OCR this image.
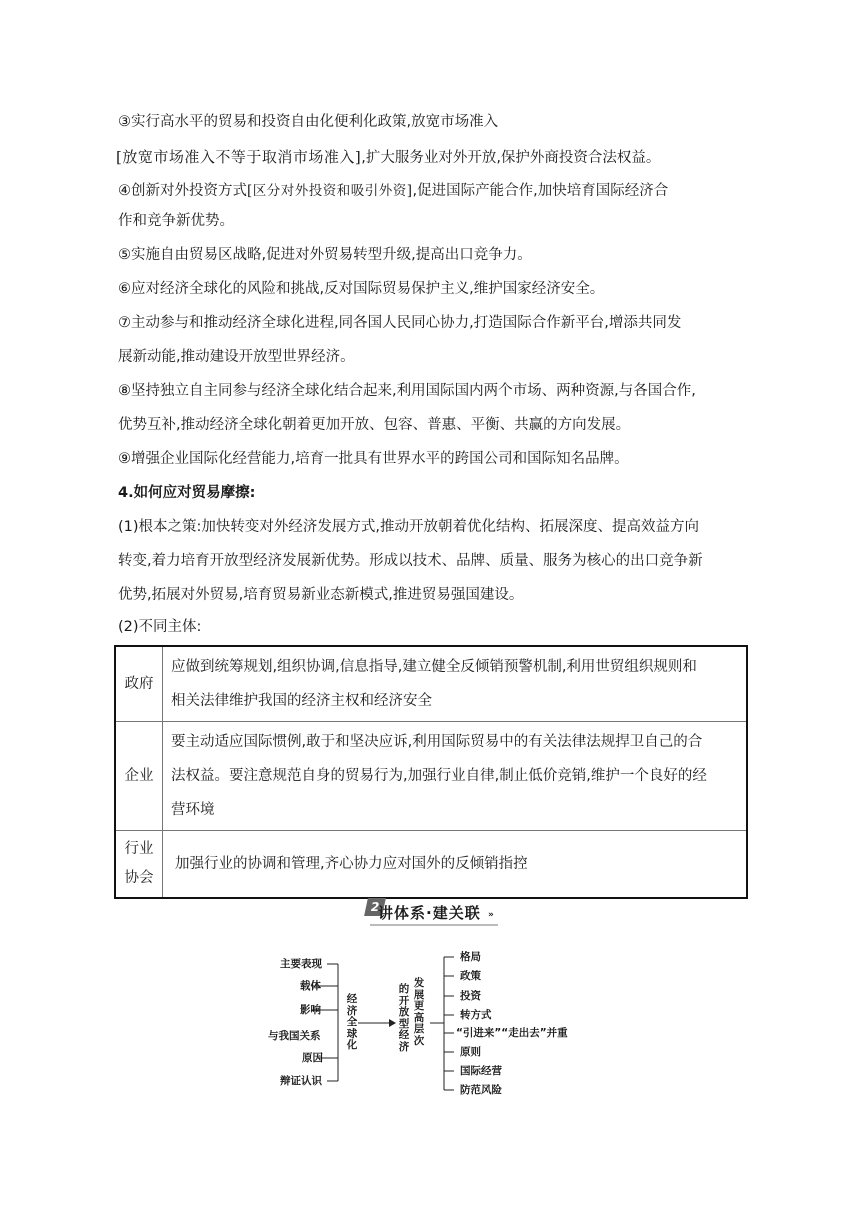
③实行高水平的贸易和投资自由化便利化政策,放宽市场准入
[放宽市场准入不等于取消市场准入],扩大服务业对外开放,保护外商投资合法权益。
④创新对外投资方式[区分对外投资和吸引外资],促进国际产能合作,加快培育国际经济合
作和竞争新优势。
⑤实施自由贸易区战略,促进对外贸易转型升级,提高出口竞争力。
⑥应对经济全球化的风险和挑战,反对国际贸易保护主义,维护国家经济安全。
⑦主动参与和推动经济全球化进程,同各国人民同心协力,打造国际合作新平台,增添共同发
展新动能,推动建设开放型世界经济。
⑧坚持独立自主同参与经济全球化结合起来,利用国际国内两个市场、两种资源,与各国合作,
优势互补,推动经济全球化朝着更加开放、包容、普惠、平衡、共赢的方向发展。
⑨增强企业国际化经营能力,培育一批具有世界水平的跨国公司和国际知名品牌。
4.如何应对贸易摩擦:
(1)根本之策:加快转变对外经济发展方式,推动开放朝着优化结构、拓展深度、提高效益方向
转变,着力培育开放型经济发展新优势。形成以技术、品牌、质量、服务为核心的出口竞争新
优势,拓展对外贸易,培育贸易新业态新模式,推进贸易强国建设。
(2)不同主体:
政府	应做到统筹规划,组织协调,信息指导,建立健全反倾销预警机制,利用世贸组织规则和
相关法律维护我国的经济主权和经济安全

企业	要主动适应国际惯例,敢于和坚决应诉,利用国际贸易中的有关法律法规捍卫自己的合
法权益。要注意规范自身的贸易行为,加强行业自律,制止低价竞销,维护一个良好的经
营环境

行业
协会	加强行业的协调和管理,齐心协力应对国外的反倾销指控
2
讲体系·建关联 »
主要表现
载体
影响
与我国关系
原因
辩证认识
经
济
全
球
化
发
展
更
高
层
次
的
开
放
型
经
济
格局
政策
投资
转方式
“引进来”“走出去”并重
原则
国际经营
防范风险
